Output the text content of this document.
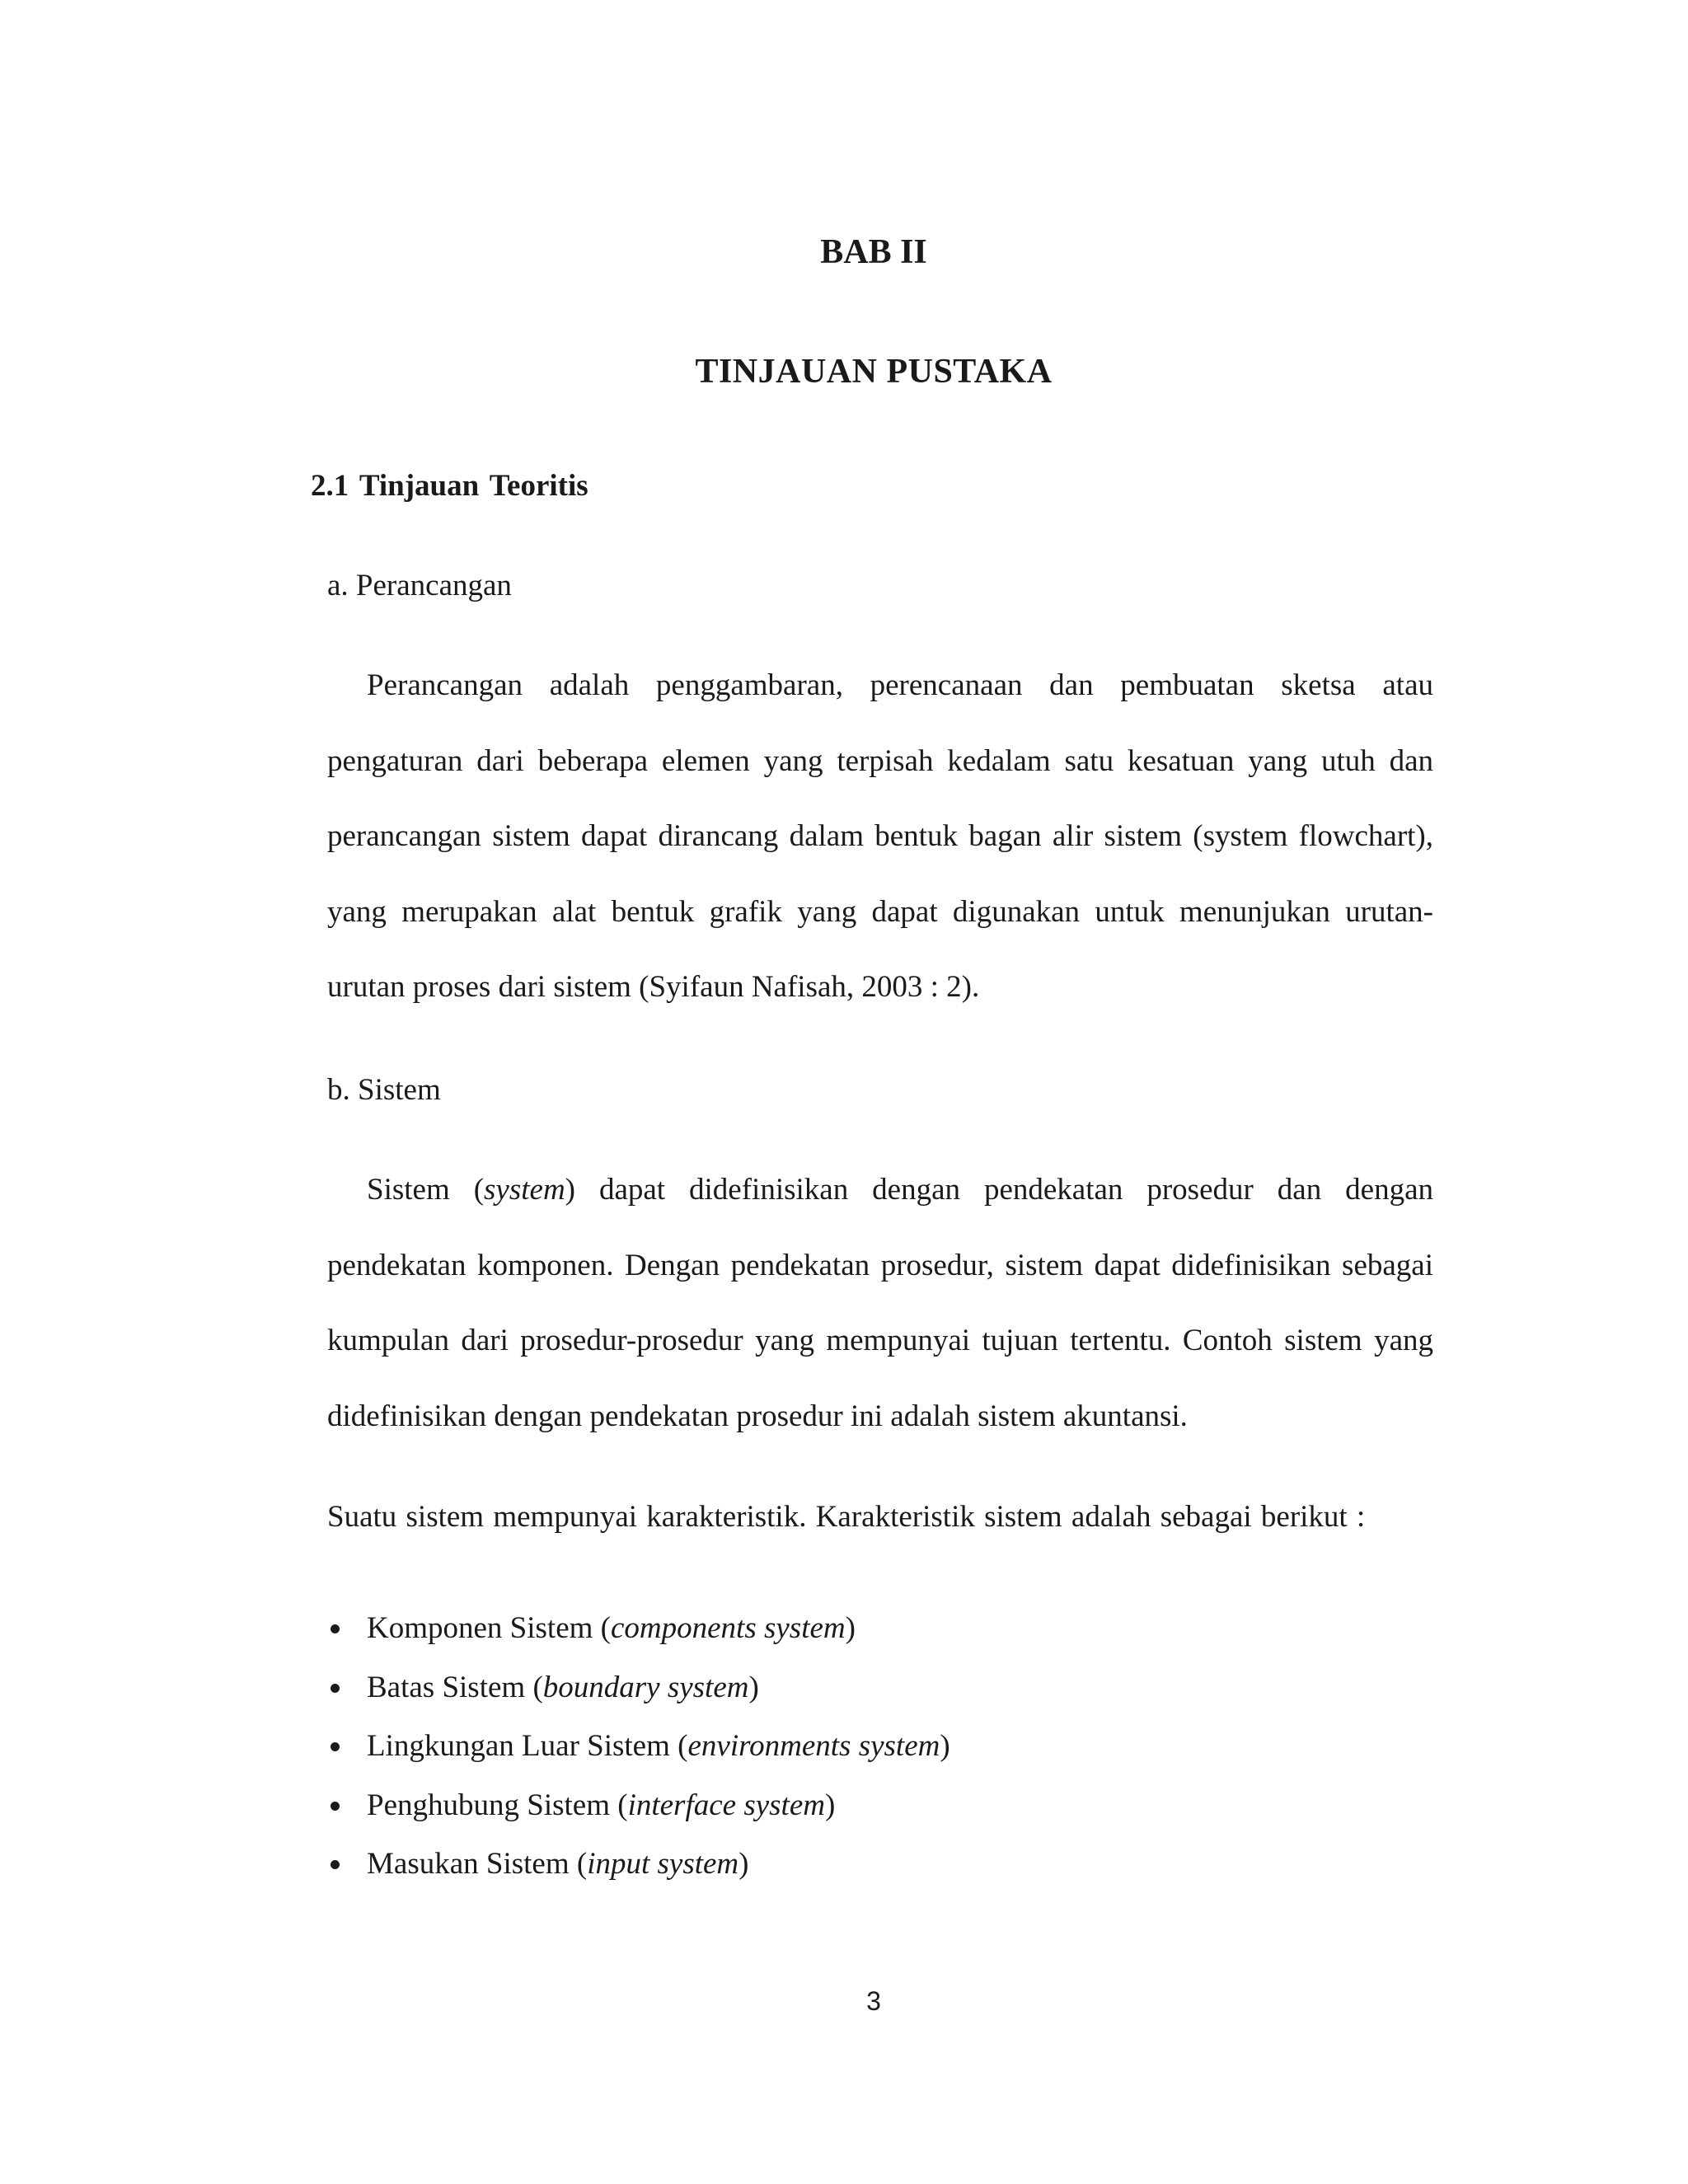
BAB II
TINJAUAN PUSTAKA
2.1 Tinjauan Teoritis
a. Perancangan
Perancangan adalah penggambaran, perencanaan dan pembuatan sketsa atau pengaturan dari beberapa elemen yang terpisah kedalam satu kesatuan yang utuh dan perancangan sistem dapat dirancang dalam bentuk bagan alir sistem (system flowchart), yang merupakan alat bentuk grafik yang dapat digunakan untuk menunjukan urutan-urutan proses dari sistem (Syifaun Nafisah, 2003 : 2).
b. Sistem
Sistem (system) dapat didefinisikan dengan pendekatan prosedur dan dengan pendekatan komponen. Dengan pendekatan prosedur, sistem dapat didefinisikan sebagai kumpulan dari prosedur-prosedur yang mempunyai tujuan tertentu. Contoh sistem yang didefinisikan dengan pendekatan prosedur ini adalah sistem akuntansi.
Suatu sistem mempunyai karakteristik. Karakteristik sistem adalah sebagai berikut :
Komponen Sistem (components system)
Batas Sistem (boundary system)
Lingkungan Luar Sistem (environments system)
Penghubung Sistem (interface system)
Masukan Sistem (input system)
3
